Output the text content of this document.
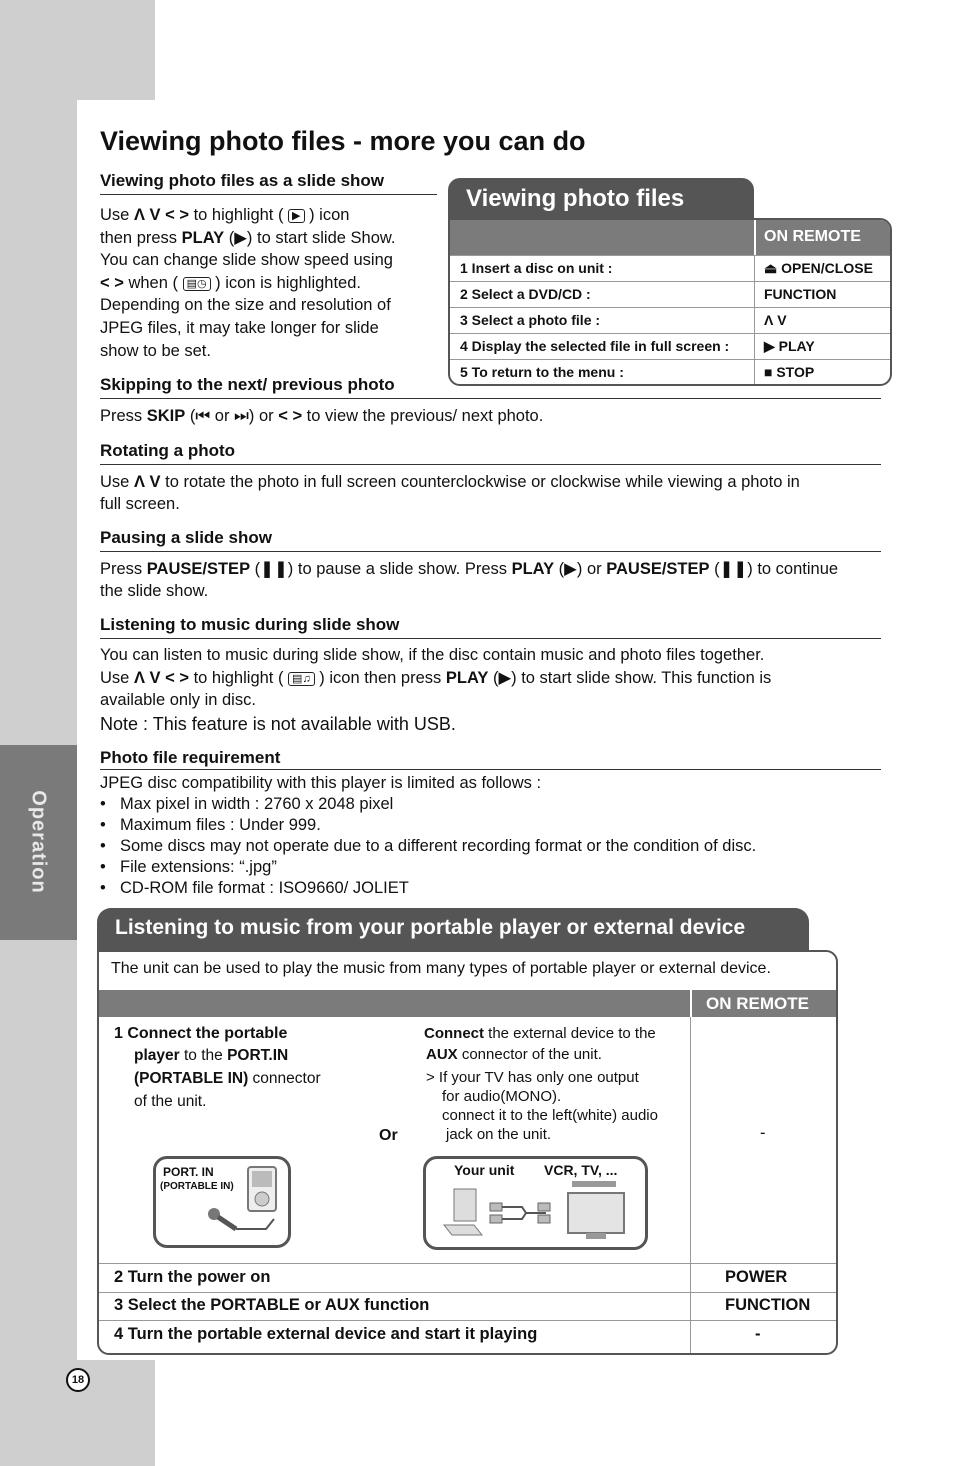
Operation
18
Viewing photo files - more you can do
Viewing photo files as a slide show
Use Λ V < > to highlight ( ▶ ) icon
then press PLAY (▶) to start slide Show.
You can change slide show speed using
< > when ( ▤◷ ) icon is highlighted.
Depending on the size and resolution of
JPEG files, it may take longer for slide
show to be set.
Viewing photo files
ON REMOTE
1 Insert a disc on unit :	⏏ OPEN/CLOSE
2 Select a DVD/CD :	FUNCTION
3 Select a photo file :	Λ V
4 Display the selected file in full screen : ▶ PLAY
5 To return to the menu :	■ STOP
Skipping to the next/ previous photo
Press SKIP (⏮ or ⏭) or < > to view the previous/ next photo.
Rotating a photo
Use Λ V to rotate the photo in full screen counterclockwise or clockwise while viewing a photo in
full screen.
Pausing a slide show
Press PAUSE/STEP (❚❚) to pause a slide show. Press PLAY (▶) or PAUSE/STEP (❚❚) to continue
the slide show.
Listening to music during slide show
You can listen to music during slide show, if the disc contain music and photo files together.
Use Λ V < > to highlight ( ▤♫ ) icon then press PLAY (▶) to start slide show. This function is
available only in disc.
Note : This feature is not available with USB.
Photo file requirement
JPEG disc compatibility with this player is limited as follows :
• Max pixel in width : 2760 x 2048 pixel
• Maximum files : Under 999.
• Some discs may not operate due to a different recording format or the condition of disc.
• File extensions: “.jpg”
• CD-ROM file format : ISO9660/ JOLIET
Listening to music from your portable player or external device
The unit can be used to play the music from many types of portable player or external device.
ON REMOTE
1 Connect the portable
player to the PORT.IN
(PORTABLE IN) connector
of the unit.
Or
Connect the external device to the
AUX connector of the unit.
> If your TV has only one output
for audio(MONO).
connect it to the left(white) audio
jack on the unit.	-
PORT. IN
(PORTABLE IN)
Your unit VCR, TV, ...
2 Turn the power on	POWER
3 Select the PORTABLE or AUX function	FUNCTION
4 Turn the portable external device and start it playing	-
